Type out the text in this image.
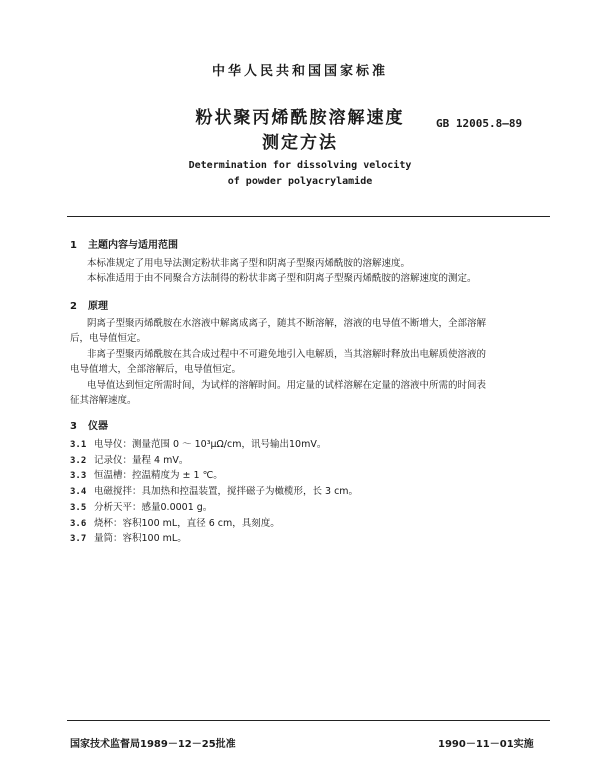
中华人民共和国国家标准
粉状聚丙烯酰胺溶解速度
测定方法
GB 12005.8—89
Determination for dissolving velocity
of powder polyacrylamide
1 主题内容与适用范围
本标准规定了用电导法测定粉状非离子型和阴离子型聚丙烯酰胺的溶解速度。
本标准适用于由不同聚合方法制得的粉状非离子型和阴离子型聚丙烯酰胺的溶解速度的测定。
2 原理
阴离子型聚丙烯酰胺在水溶液中解离成离子，随其不断溶解，溶液的电导值不断增大，全部溶解
后，电导值恒定。
非离子型聚丙烯酰胺在其合成过程中不可避免地引入电解质，当其溶解时释放出电解质使溶液的
电导值增大，全部溶解后，电导值恒定。
电导值达到恒定所需时间，为试样的溶解时间。用定量的试样溶解在定量的溶液中所需的时间表
征其溶解速度。
3 仪器
3.1 电导仪：测量范围 0 ～ 10³μΩ/cm，讯号输出10mV。
3.2 记录仪：量程 4 mV。
3.3 恒温槽：控温精度为 ± 1 ℃。
3.4 电磁搅拌：具加热和控温装置，搅拌磁子为橄榄形，长 3 cm。
3.5 分析天平：感量0.0001 g。
3.6 烧杯：容积100 mL，直径 6 cm，具刻度。
3.7 量筒：容积100 mL。
国家技术监督局1989－12－25批准	1990－11－01实施
